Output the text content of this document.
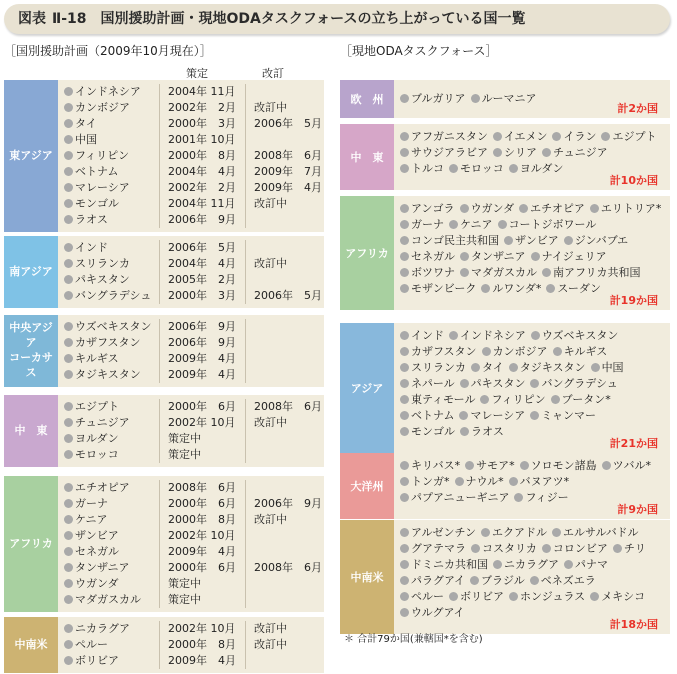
図表 Ⅱ-18 国別援助計画・現地ODAタスクフォースの立ち上がっている国一覧
［国別援助計画（2009年10月現在）］	［現地ODAタスクフォース］
策定	改訂
東アジア
インドネシア 2004年 11月
カンボジア	2002年　2月 改訂中
タイ	2000年　3月 2006年　5月
中国	2001年 10月
フィリピン	2000年　8月 2008年　6月
ベトナム	2004年　4月 2009年　7月
マレーシア	2002年　2月 2009年　4月
モンゴル	2004年 11月 改訂中
ラオス	2006年　9月
南アジア
インド	2006年　5月
スリランカ	2004年　4月 改訂中
パキスタン	2005年　2月
バングラデシュ 2000年　3月 2006年　5月
中央アジア
コーカサス
ウズベキスタン 2006年　9月
カザフスタン 2006年　9月
キルギス	2009年　4月
タジキスタン 2009年　4月
中　東
エジプト	2000年　6月 2008年　6月
チュニジア	2002年 10月 改訂中
ヨルダン	策定中
モロッコ	策定中
アフリカ
エチオピア	2008年　6月
ガーナ	2000年　6月 2006年　9月
ケニア	2000年　8月 改訂中
ザンビア	2002年 10月
セネガル	2009年　4月
タンザニア	2000年　6月 2008年　6月
ウガンダ	策定中
マダガスカル 策定中
中南米
ニカラグア	2002年 10月 改訂中
ペルー	2000年　8月 改訂中
ボリビア	2009年　4月
欧　州	ブルガリア ルーマニア
計2か国
中　東
アフガニスタン イエメン イラン エジプト
サウジアラビア シリア チュニジア
トルコ モロッコ ヨルダン
計10か国
アフリカ
アンゴラ ウガンダ エチオピア エリトリア*
ガーナ ケニア コートジボワール
コンゴ民主共和国 ザンビア ジンバブエ
セネガル タンザニア ナイジェリア
ボツワナ マダガスカル 南アフリカ共和国
モザンビーク ルワンダ* スーダン
計19か国
アジア
インド インドネシア ウズベキスタン
カザフスタン カンボジア キルギス
スリランカ タイ タジキスタン 中国
ネパール パキスタン バングラデシュ
東ティモール フィリピン ブータン*
ベトナム マレーシア ミャンマー
モンゴル ラオス
計21か国
大洋州
キリバス* サモア* ソロモン諸島 ツバル*
トンガ* ナウル* バヌアツ*
パプアニューギニア フィジー
計9か国
中南米
アルゼンチン エクアドル エルサルバドル
グアテマラ コスタリカ コロンビア チリ
ドミニカ共和国 ニカラグア パナマ
パラグアイ ブラジル ベネズエラ
ペルー ボリビア ホンジュラス メキシコ
ウルグアイ
計18か国
＊ 合計79か国(兼轄国*を含む)
